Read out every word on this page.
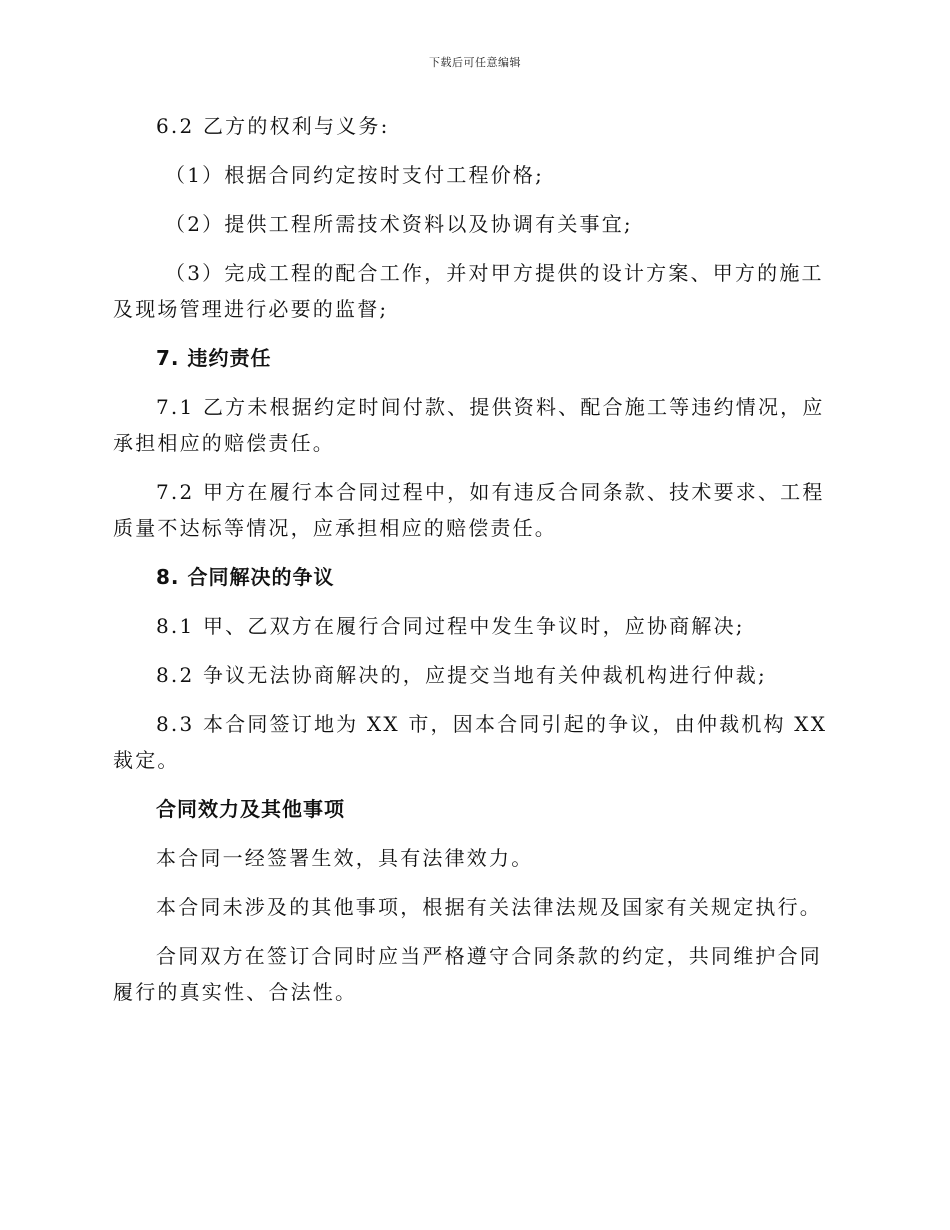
下载后可任意编辑

6.2 乙方的权利与义务:

（1）根据合同约定按时支付工程价格;

（2）提供工程所需技术资料以及协调有关事宜;

（3）完成工程的配合工作，并对甲方提供的设计方案、甲方的施工及现场管理进行必要的监督;

7. 违约责任

7.1 乙方未根据约定时间付款、提供资料、配合施工等违约情况，应承担相应的赔偿责任。

7.2 甲方在履行本合同过程中，如有违反合同条款、技术要求、工程质量不达标等情况，应承担相应的赔偿责任。

8. 合同解决的争议

8.1 甲、乙双方在履行合同过程中发生争议时，应协商解决;

8.2 争议无法协商解决的，应提交当地有关仲裁机构进行仲裁;

8.3 本合同签订地为 XX 市，因本合同引起的争议，由仲裁机构 XX 裁定。

合同效力及其他事项

本合同一经签署生效，具有法律效力。

本合同未涉及的其他事项，根据有关法律法规及国家有关规定执行。

合同双方在签订合同时应当严格遵守合同条款的约定，共同维护合同履行的真实性、合法性。
